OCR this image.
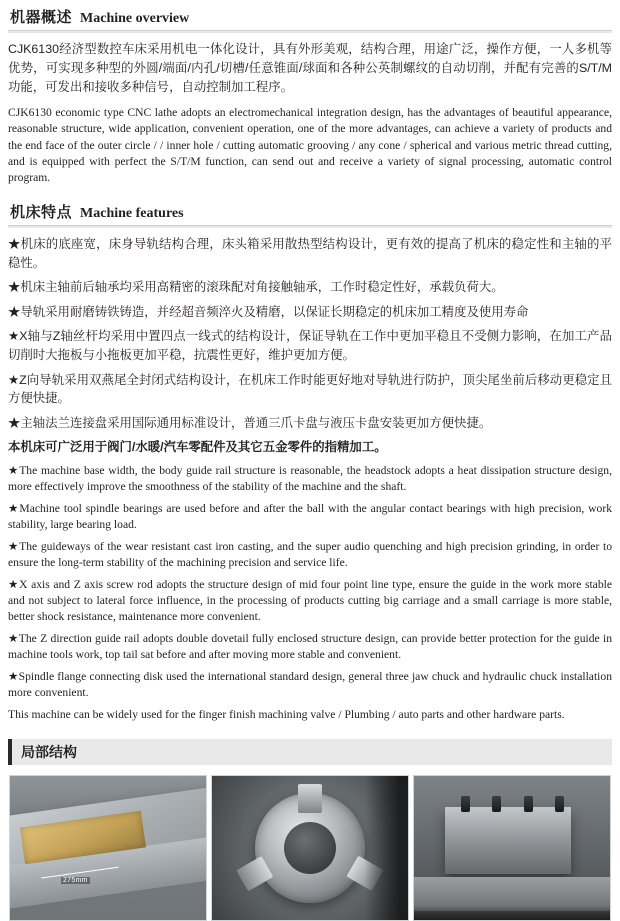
机器概述 Machine overview

CJK6130经济型数控车床采用机电一体化设计，具有外形美观，结构合理，用途广泛，操作方便，一人多机等优势，可实现多种型的外圆/端面/内孔/切槽/任意锥面/球面和各种公英制螺纹的自动切削，并配有完善的S/T/M功能，可发出和接收多种信号，自动控制加工程序。

CJK6130 economic type CNC lathe adopts an electromechanical integration design, has the advantages of beautiful appearance, reasonable structure, wide application, convenient operation, one of the more advantages, can achieve a variety of products and the end face of the outer circle / / inner hole / cutting automatic grooving / any cone / spherical and various metric thread cutting, and is equipped with perfect the S/T/M function, can send out and receive a variety of signal processing, automatic control program.

机床特点 Machine features

★机床的底座宽，床身导轨结构合理，床头箱采用散热型结构设计，更有效的提高了机床的稳定性和主轴的平稳性。

★机床主轴前后轴承均采用高精密的滚珠配对角接触轴承，工作时稳定性好，承载负荷大。

★导轨采用耐磨铸铁铸造，并经超音频淬火及精磨，以保证长期稳定的机床加工精度及使用寿命

★X轴与Z轴丝杆均采用中置四点一线式的结构设计，保证导轨在工作中更加平稳且不受侧力影响，在加工产品切削时大拖板与小拖板更加平稳，抗震性更好，维护更加方便。

★Z向导轨采用双燕尾全封闭式结构设计，在机床工作时能更好地对导轨进行防护，顶尖尾坐前后移动更稳定且方便快捷。

★主轴法兰连接盘采用国际通用标准设计，普通三爪卡盘与液压卡盘安装更加方便快捷。

本机床可广泛用于阀门/水暖/汽车零配件及其它五金零件的指精加工。

★The machine base width, the body guide rail structure is reasonable, the headstock adopts a heat dissipation structure design, more effectively improve the smoothness of the stability of the machine and the shaft.

★Machine tool spindle bearings are used before and after the ball with the angular contact bearings with high precision, work stability, large bearing load.

★The guideways of the wear resistant cast iron casting, and the super audio quenching and high precision grinding, in order to ensure the long-term stability of the machining precision and service life.

★X axis and Z axis screw rod adopts the structure design of mid four point line type, ensure the guide in the work more stable and not subject to lateral force influence, in the processing of products cutting big carriage and a small carriage is more stable, better shock resistance, maintenance more convenient.

★The Z direction guide rail adopts double dovetail fully enclosed structure design, can provide better protection for the guide in machine tools work, top tail sat before and after moving more stable and convenient.

★Spindle flange connecting disk used the international standard design, general three jaw chuck and hydraulic chuck installation more convenient.

This machine can be widely used for the finger finish machining valve / Plumbing / auto parts and other hardware parts.

局部结构
275mm
